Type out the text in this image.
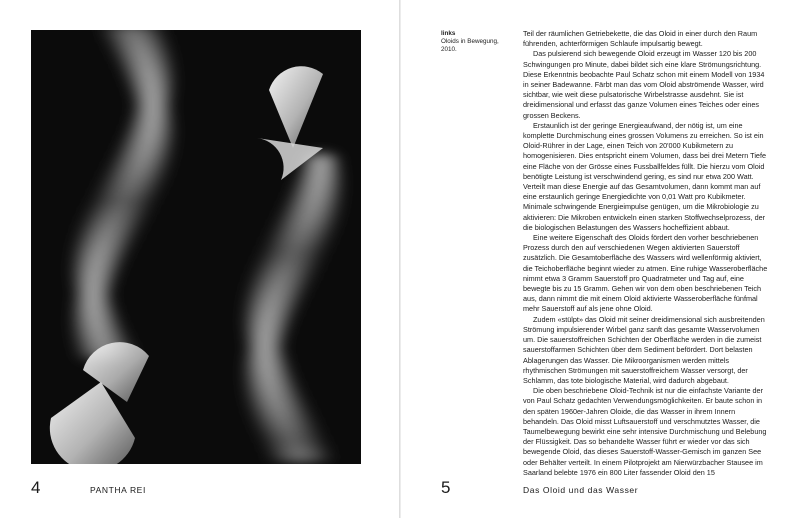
4	PANTHA REI
links
Oloids in Bewegung, 2010.

Teil der räumlichen Getriebekette, die das Oloid in einer durch den Raum führenden, achterförmigen Schlaufe impulsartig bewegt.

Das pulsierend sich bewegende Oloid erzeugt im Wasser 120 bis 200 Schwingungen pro Minute, dabei bildet sich eine klare Strömungsrichtung. Diese Erkenntnis beobachte Paul Schatz schon mit einem Modell von 1934 in seiner Badewanne. Färbt man das vom Oloid abströmende Wasser, wird sichtbar, wie weit diese pulsatorische Wirbelstrasse ausdehnt. Sie ist dreidimensional und erfasst das ganze Volumen eines Teiches oder eines grossen Beckens.

Erstaunlich ist der geringe Energieaufwand, der nötig ist, um eine komplette Durchmischung eines grossen Volumens zu erreichen. So ist ein Oloid-Rührer in der Lage, einen Teich von 20'000 Kubikmetern zu homogenisieren. Dies entspricht einem Volumen, dass bei drei Metern Tiefe eine Fläche von der Grösse eines Fussballfeldes füllt. Die hierzu vom Oloid benötigte Leistung ist verschwindend gering, es sind nur etwa 200 Watt. Verteilt man diese Energie auf das Gesamtvolumen, dann kommt man auf eine erstaunlich geringe Energiedichte von 0,01 Watt pro Kubikmeter. Minimale schwingende Energieimpulse genügen, um die Mikrobiologie zu aktivieren: Die Mikroben entwickeln einen starken Stoffwechselprozess, der die biologischen Belastungen des Wassers hocheffizient abbaut.

Eine weitere Eigenschaft des Oloids fördert den vorher beschriebenen Prozess durch den auf verschiedenen Wegen aktivierten Sauerstoff zusätzlich. Die Gesamtoberfläche des Wassers wird wellenförmig aktiviert, die Teichoberfläche beginnt wieder zu atmen. Eine ruhige Wasseroberfläche nimmt etwa 3 Gramm Sauerstoff pro Quadratmeter und Tag auf, eine bewegte bis zu 15 Gramm. Gehen wir von dem oben beschriebenen Teich aus, dann nimmt die mit einem Oloid aktivierte Wasseroberfläche fünfmal mehr Sauerstoff auf als jene ohne Oloid.

Zudem «stülpt» das Oloid mit seiner dreidimensional sich ausbreitenden Strömung impulsierender Wirbel ganz sanft das gesamte Wasservolumen um. Die sauerstoffreichen Schichten der Oberfläche werden in die zumeist sauerstoffarmen Schichten über dem Sediment befördert. Dort belasten Ablagerungen das Wasser. Die Mikroorganismen werden mittels rhythmischen Strömungen mit sauerstoffreichem Wasser versorgt, der Schlamm, das tote biologische Material, wird dadurch abgebaut.

Die oben beschriebene Oloid-Technik ist nur die einfachste Variante der von Paul Schatz gedachten Verwendungsmöglichkeiten. Er baute schon in den späten 1960er-Jahren Oloide, die das Wasser in ihrem Innern behandeln. Das Oloid misst Luftsauerstoff und verschmutztes Wasser, die Taumelbewegung bewirkt eine sehr intensive Durchmischung und Belebung der Flüssigkeit. Das so behandelte Wasser führt er wieder vor das sich bewegende Oloid, das dieses Sauerstoff-Wasser-Gemisch im ganzen See oder Behälter verteilt. In einem Pilotprojekt am Nierwürzbacher Stausee im Saarland belebte 1976 ein 800 Liter fassender Oloid den 15

5	Das Oloid und das Wasser
